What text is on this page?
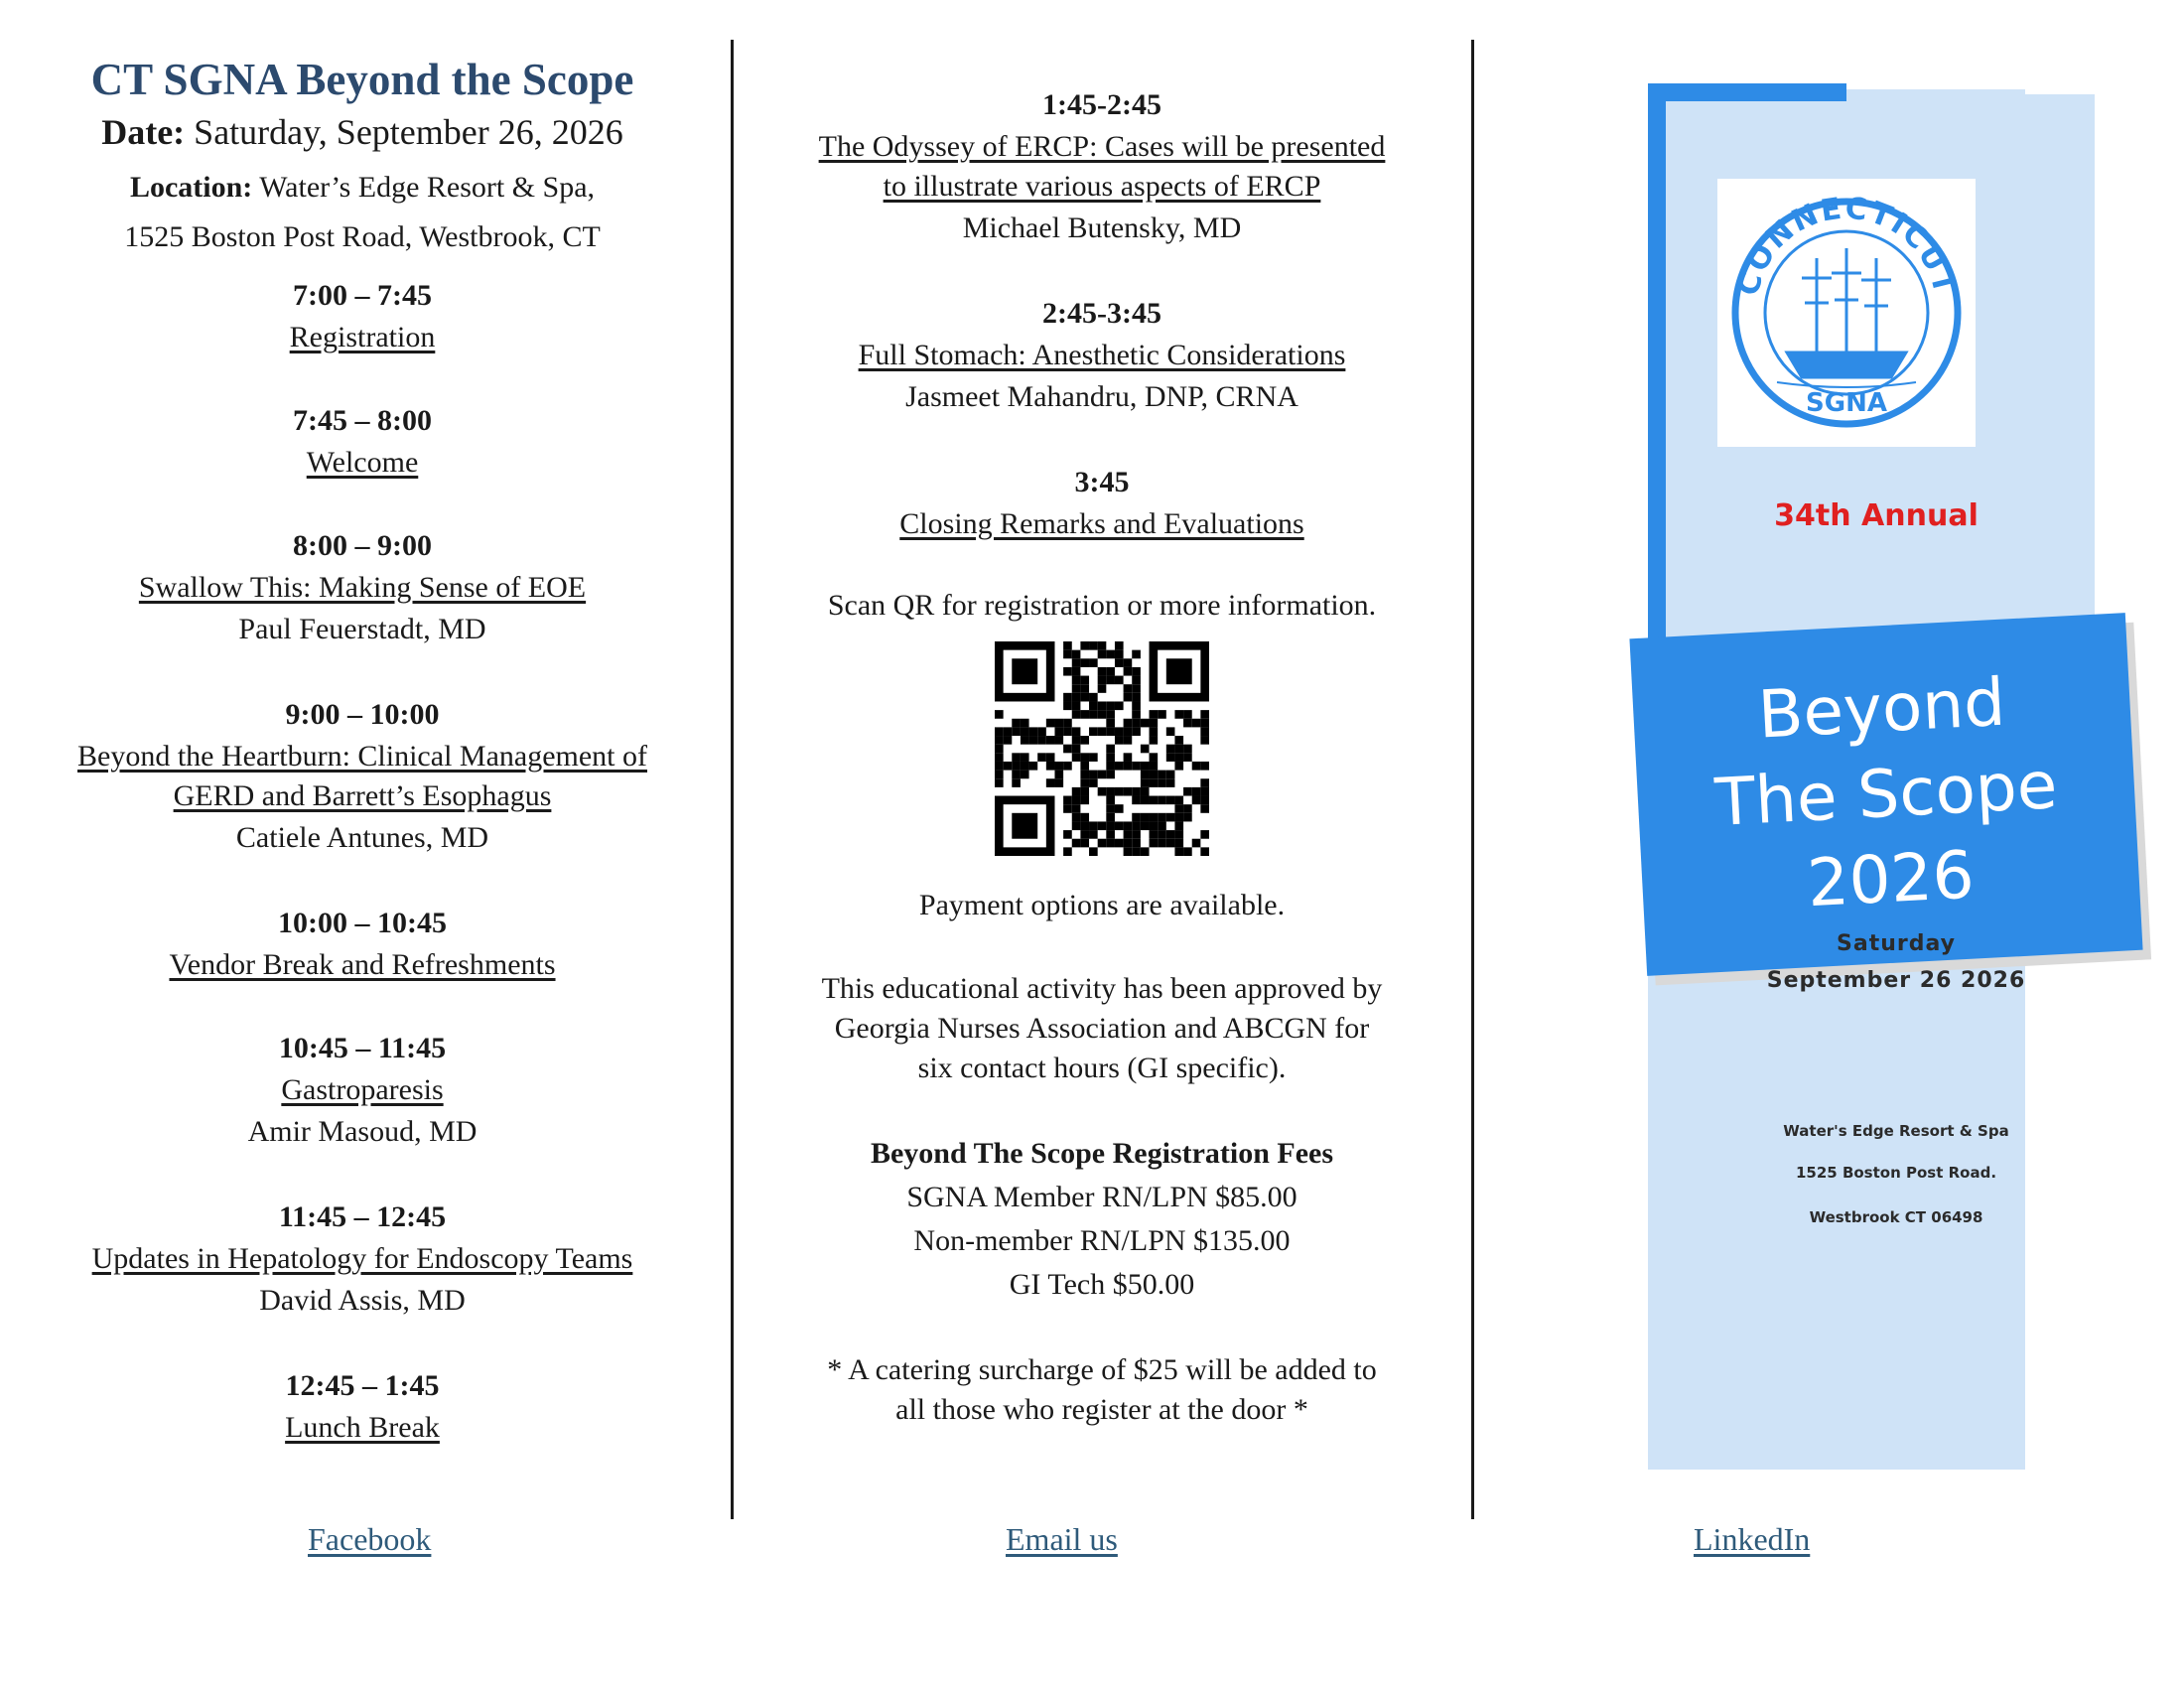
CT SGNA Beyond the Scope
Date: Saturday, September 26, 2026
Location: Water’s Edge Resort & Spa,
1525 Boston Post Road, Westbrook, CT
7:00 – 7:45
Registration
7:45 – 8:00
Welcome
8:00 – 9:00
Swallow This: Making Sense of EOE
Paul Feuerstadt, MD
9:00 – 10:00
Beyond the Heartburn: Clinical Management of
GERD and Barrett’s Esophagus
Catiele Antunes, MD
10:00 – 10:45
Vendor Break and Refreshments
10:45 – 11:45
Gastroparesis
Amir Masoud, MD
11:45 – 12:45
Updates in Hepatology for Endoscopy Teams
David Assis, MD
12:45 – 1:45
Lunch Break
1:45-2:45
The Odyssey of ERCP: Cases will be presented
to illustrate various aspects of ERCP
Michael Butensky, MD
2:45-3:45
Full Stomach: Anesthetic Considerations
Jasmeet Mahandru, DNP, CRNA
3:45
Closing Remarks and Evaluations
Scan QR for registration or more information.
Payment options are available.
This educational activity has been approved by
Georgia Nurses Association and ABCGN for
six contact hours (GI specific).
Beyond The Scope Registration Fees
SGNA Member RN/LPN $85.00
Non-member RN/LPN $135.00
GI Tech $50.00
* A catering surcharge of $25 will be added to
all those who register at the door *
CONNECTICUT
SGNA
34th Annual
Beyond
The Scope
2026
Saturday
September 26 2026
Water's Edge Resort & Spa
1525 Boston Post Road.
Westbrook CT 06498
Facebook	Email us	LinkedIn
